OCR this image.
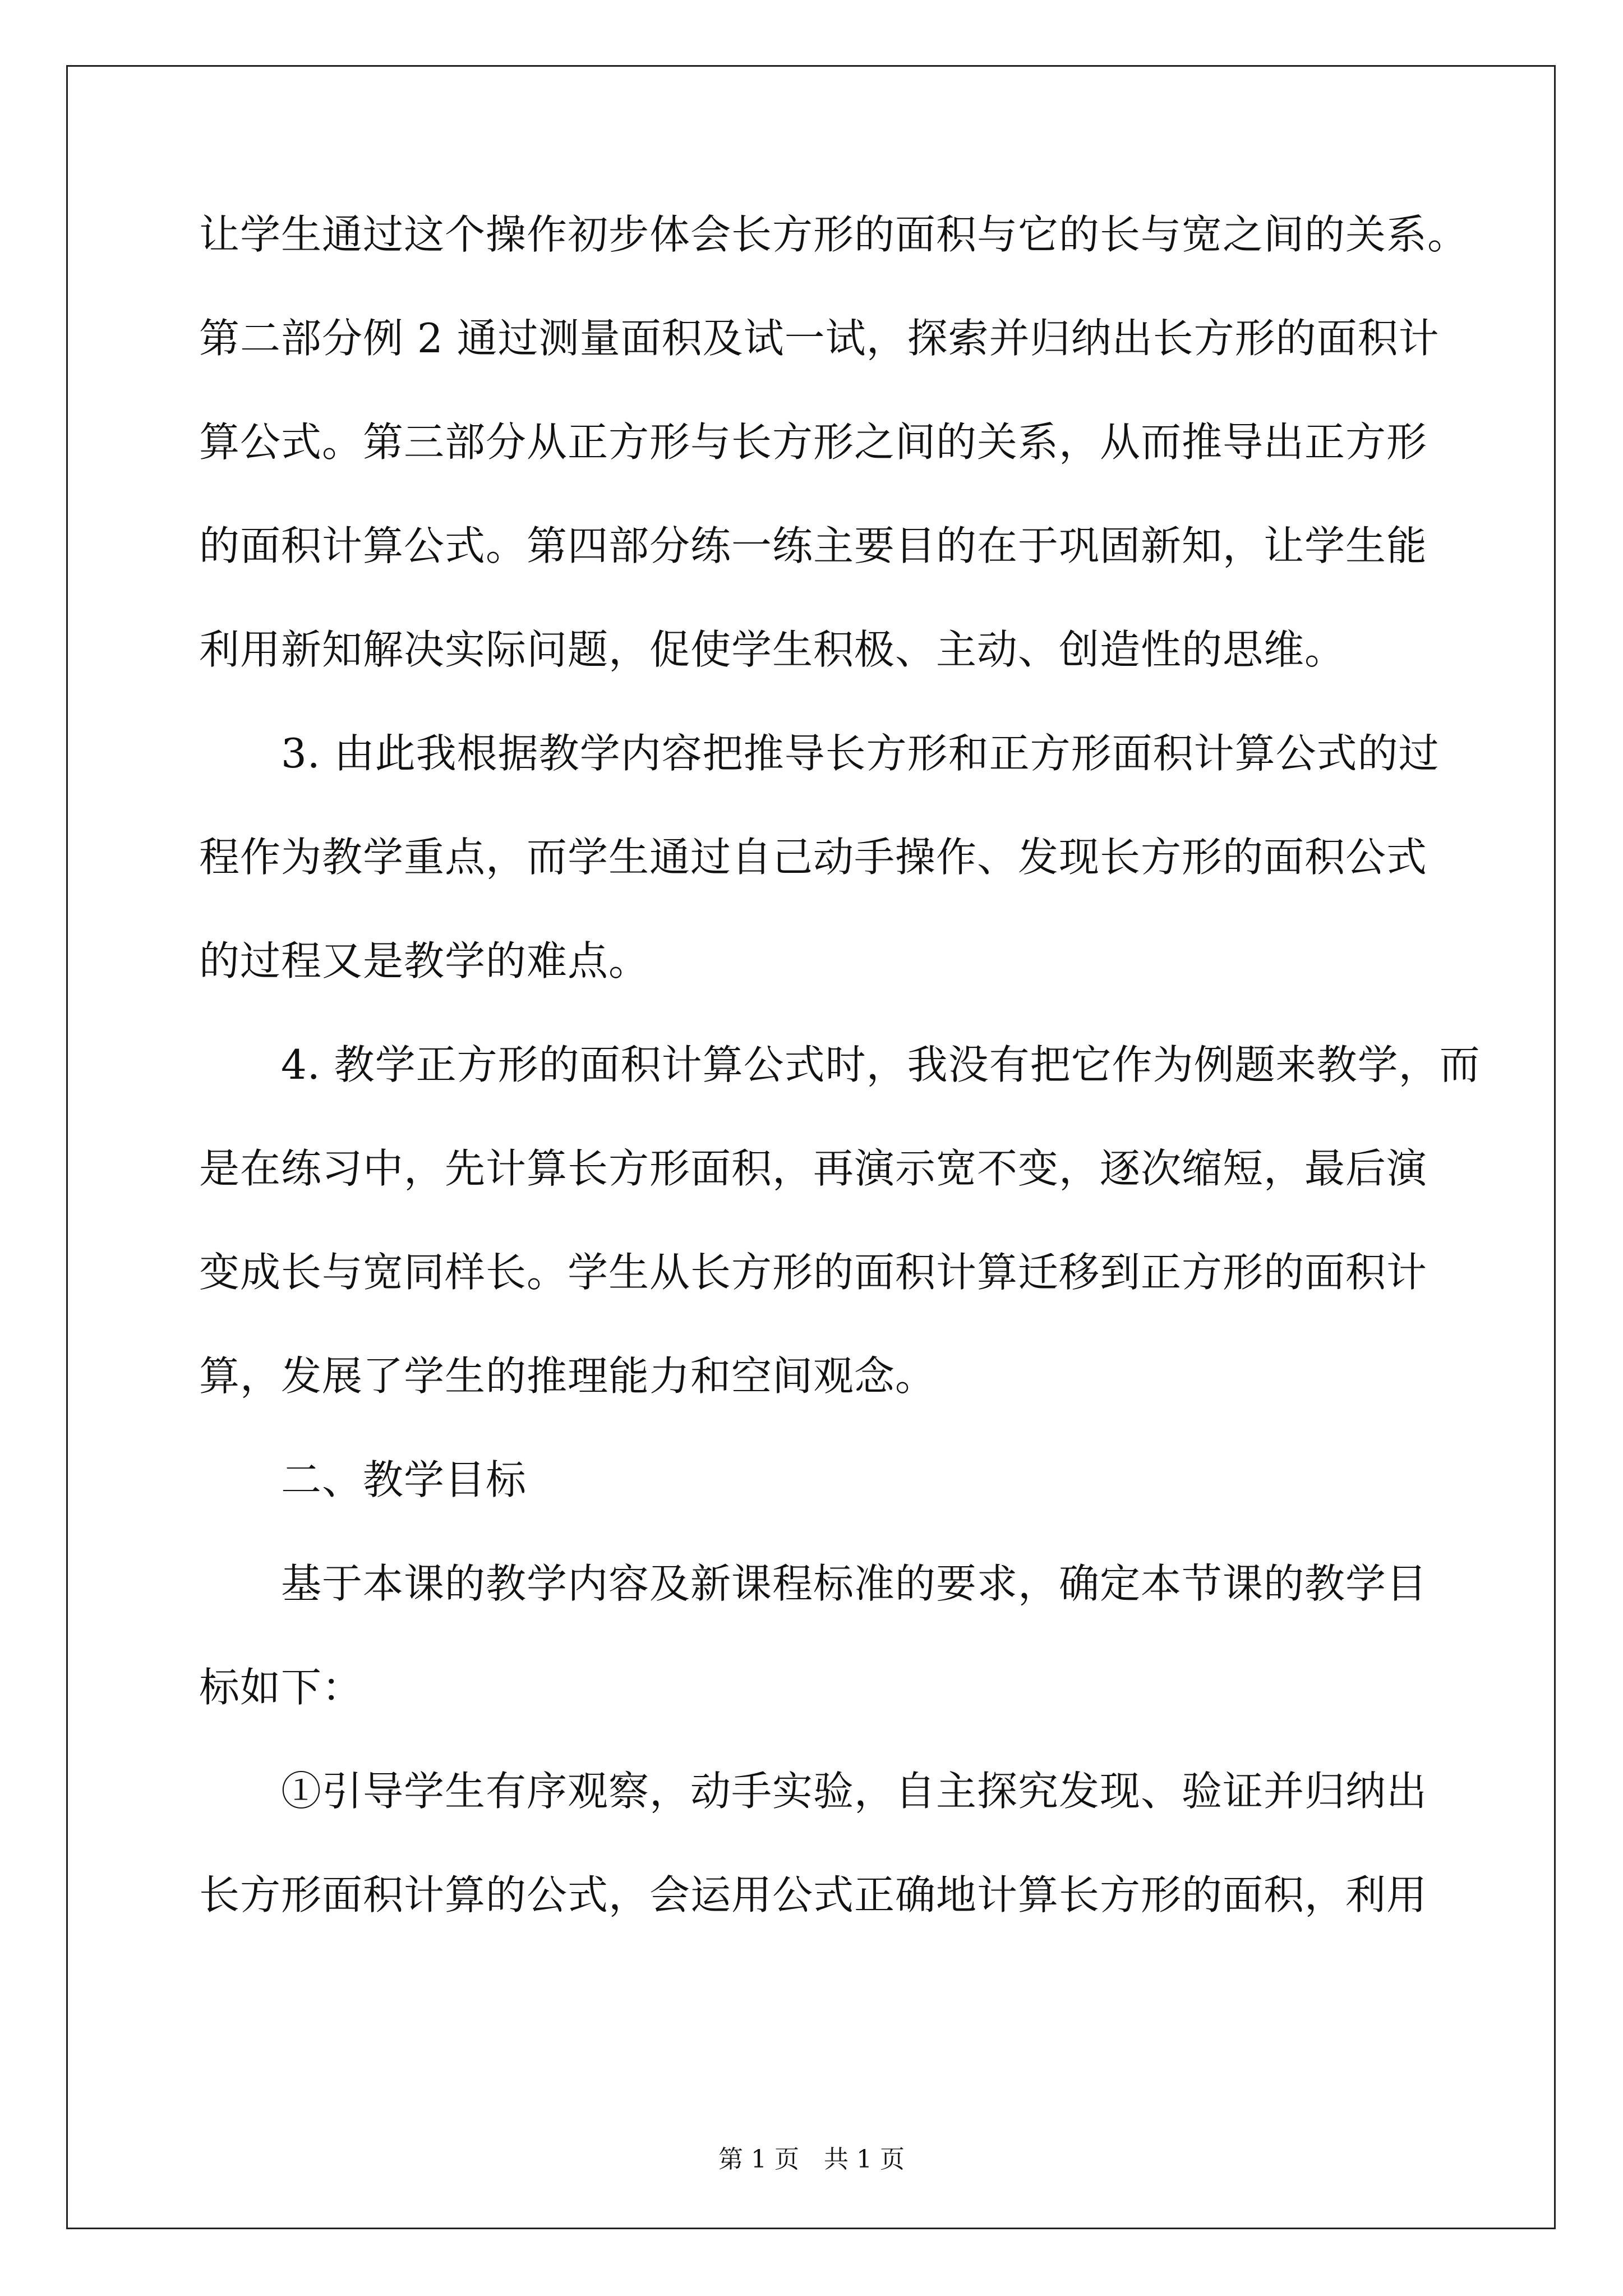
让学生通过这个操作初步体会长方形的面积与它的长与宽之间的关系。
第二部分例 2 通过测量面积及试一试，探索并归纳出长方形的面积计
算公式。第三部分从正方形与长方形之间的关系，从而推导出正方形
的面积计算公式。第四部分练一练主要目的在于巩固新知，让学生能
利用新知解决实际问题，促使学生积极、主动、创造性的思维。
3. 由此我根据教学内容把推导长方形和正方形面积计算公式的过
程作为教学重点，而学生通过自己动手操作、发现长方形的面积公式
的过程又是教学的难点。
4. 教学正方形的面积计算公式时，我没有把它作为例题来教学，而
是在练习中，先计算长方形面积，再演示宽不变，逐次缩短，最后演
变成长与宽同样长。学生从长方形的面积计算迁移到正方形的面积计
算，发展了学生的推理能力和空间观念。
二、教学目标
基于本课的教学内容及新课程标准的要求，确定本节课的教学目
标如下：
①引导学生有序观察，动手实验，自主探究发现、验证并归纳出
长方形面积计算的公式，会运用公式正确地计算长方形的面积，利用
第 1 页　共 1 页
